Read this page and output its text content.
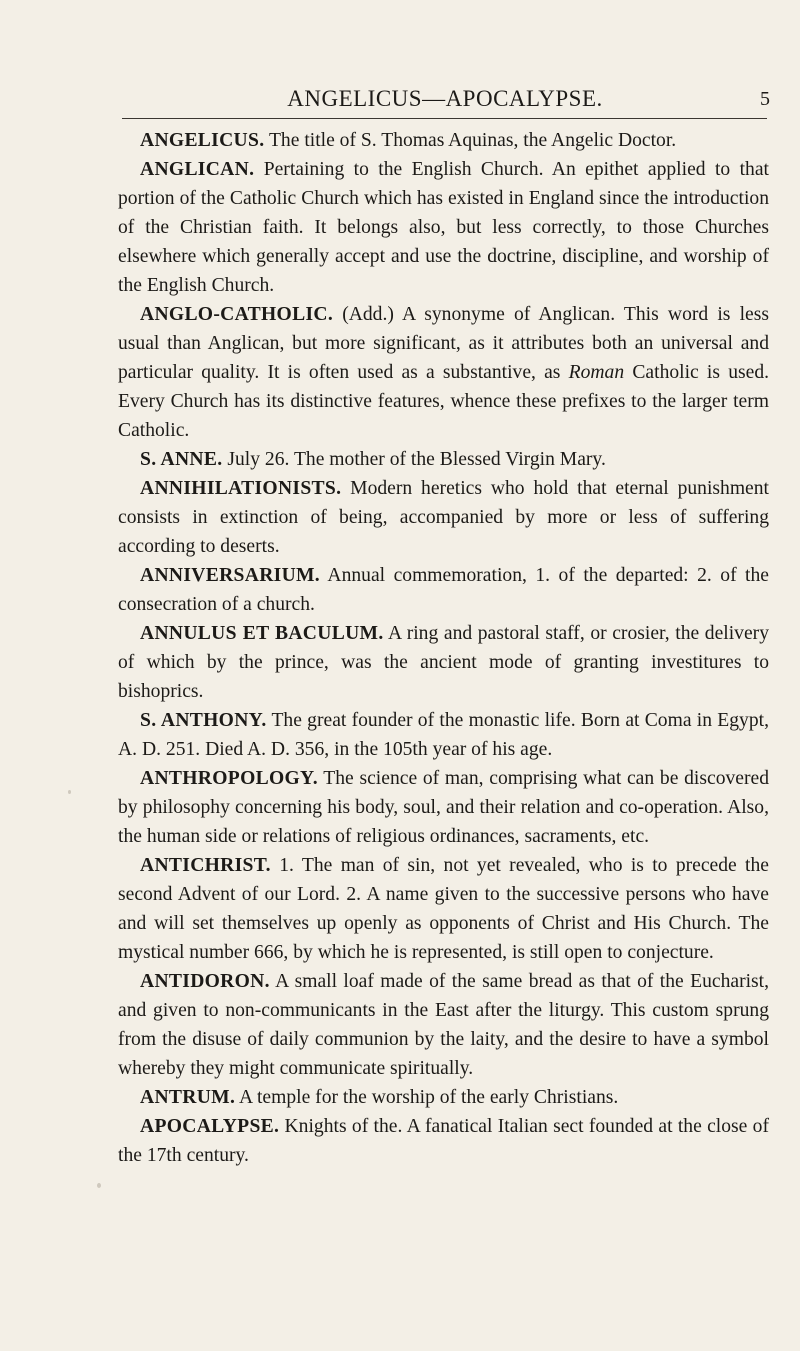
ANGELICUS—APOCALYPSE.	5

ANGELICUS. The title of S. Thomas Aquinas, the Angelic Doctor.

ANGLICAN. Pertaining to the English Church. An epithet applied to that portion of the Catholic Church which has existed in England since the introduction of the Christian faith. It belongs also, but less correctly, to those Churches elsewhere which generally accept and use the doctrine, discipline, and worship of the English Church.

ANGLO-CATHOLIC. (Add.) A synonyme of Anglican. This word is less usual than Anglican, but more significant, as it attributes both an universal and particular quality. It is often used as a substantive, as Roman Catholic is used. Every Church has its distinctive features, whence these prefixes to the larger term Catholic.

S. ANNE. July 26. The mother of the Blessed Virgin Mary.

ANNIHILATIONISTS. Modern heretics who hold that eternal punishment consists in extinction of being, accompanied by more or less of suffering according to deserts.

ANNIVERSARIUM. Annual commemoration, 1. of the departed: 2. of the consecration of a church.

ANNULUS ET BACULUM. A ring and pastoral staff, or crosier, the delivery of which by the prince, was the ancient mode of granting investitures to bishoprics.

S. ANTHONY. The great founder of the monastic life. Born at Coma in Egypt, A. D. 251. Died A. D. 356, in the 105th year of his age.

ANTHROPOLOGY. The science of man, comprising what can be discovered by philosophy concerning his body, soul, and their relation and co-operation. Also, the human side or relations of religious ordinances, sacraments, etc.

ANTICHRIST. 1. The man of sin, not yet revealed, who is to precede the second Advent of our Lord. 2. A name given to the successive persons who have and will set themselves up openly as opponents of Christ and His Church. The mystical number 666, by which he is represented, is still open to conjecture.

ANTIDORON. A small loaf made of the same bread as that of the Eucharist, and given to non-communicants in the East after the liturgy. This custom sprung from the disuse of daily communion by the laity, and the desire to have a symbol whereby they might communicate spiritually.

ANTRUM. A temple for the worship of the early Christians.

APOCALYPSE. Knights of the. A fanatical Italian sect founded at the close of the 17th century.
